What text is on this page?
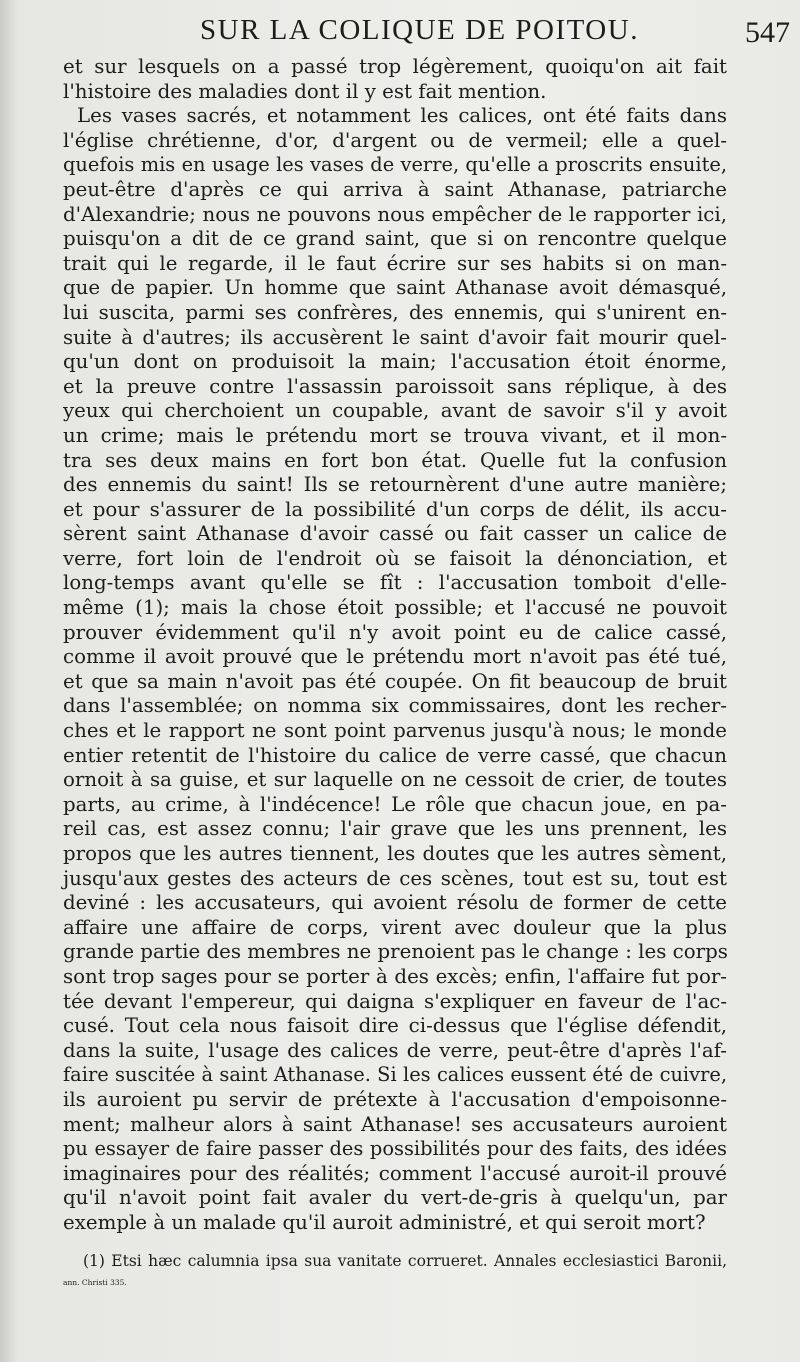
SUR LA COLIQUE DE POITOU.	547
et sur lesquels on a passé trop légèrement, quoiqu'on ait fait
l'histoire des maladies dont il y est fait mention.
Les vases sacrés, et notamment les calices, ont été faits dans
l'église chrétienne, d'or, d'argent ou de vermeil; elle a quel-
quefois mis en usage les vases de verre, qu'elle a proscrits ensuite,
peut-être d'après ce qui arriva à saint Athanase, patriarche
d'Alexandrie; nous ne pouvons nous empêcher de le rapporter ici,
puisqu'on a dit de ce grand saint, que si on rencontre quelque
trait qui le regarde, il le faut écrire sur ses habits si on man-
que de papier. Un homme que saint Athanase avoit démasqué,
lui suscita, parmi ses confrères, des ennemis, qui s'unirent en-
suite à d'autres; ils accusèrent le saint d'avoir fait mourir quel-
qu'un dont on produisoit la main; l'accusation étoit énorme,
et la preuve contre l'assassin paroissoit sans réplique, à des
yeux qui cherchoient un coupable, avant de savoir s'il y avoit
un crime; mais le prétendu mort se trouva vivant, et il mon-
tra ses deux mains en fort bon état. Quelle fut la confusion
des ennemis du saint! Ils se retournèrent d'une autre manière;
et pour s'assurer de la possibilité d'un corps de délit, ils accu-
sèrent saint Athanase d'avoir cassé ou fait casser un calice de
verre, fort loin de l'endroit où se faisoit la dénonciation, et
long-temps avant qu'elle se fît : l'accusation tomboit d'elle-
même (1); mais la chose étoit possible; et l'accusé ne pouvoit
prouver évidemment qu'il n'y avoit point eu de calice cassé,
comme il avoit prouvé que le prétendu mort n'avoit pas été tué,
et que sa main n'avoit pas été coupée. On fit beaucoup de bruit
dans l'assemblée; on nomma six commissaires, dont les recher-
ches et le rapport ne sont point parvenus jusqu'à nous; le monde
entier retentit de l'histoire du calice de verre cassé, que chacun
ornoit à sa guise, et sur laquelle on ne cessoit de crier, de toutes
parts, au crime, à l'indécence! Le rôle que chacun joue, en pa-
reil cas, est assez connu; l'air grave que les uns prennent, les
propos que les autres tiennent, les doutes que les autres sèment,
jusqu'aux gestes des acteurs de ces scènes, tout est su, tout est
deviné : les accusateurs, qui avoient résolu de former de cette
affaire une affaire de corps, virent avec douleur que la plus
grande partie des membres ne prenoient pas le change : les corps
sont trop sages pour se porter à des excès; enfin, l'affaire fut por-
tée devant l'empereur, qui daigna s'expliquer en faveur de l'ac-
cusé. Tout cela nous faisoit dire ci-dessus que l'église défendit,
dans la suite, l'usage des calices de verre, peut-être d'après l'af-
faire suscitée à saint Athanase. Si les calices eussent été de cuivre,
ils auroient pu servir de prétexte à l'accusation d'empoisonne-
ment; malheur alors à saint Athanase! ses accusateurs auroient
pu essayer de faire passer des possibilités pour des faits, des idées
imaginaires pour des réalités; comment l'accusé auroit-il prouvé
qu'il n'avoit point fait avaler du vert-de-gris à quelqu'un, par
exemple à un malade qu'il auroit administré, et qui seroit mort?
(1) Etsi hæc calumnia ipsa sua vanitate corrueret. Annales ecclesiastici Baronii,
ann. Christi 335.
